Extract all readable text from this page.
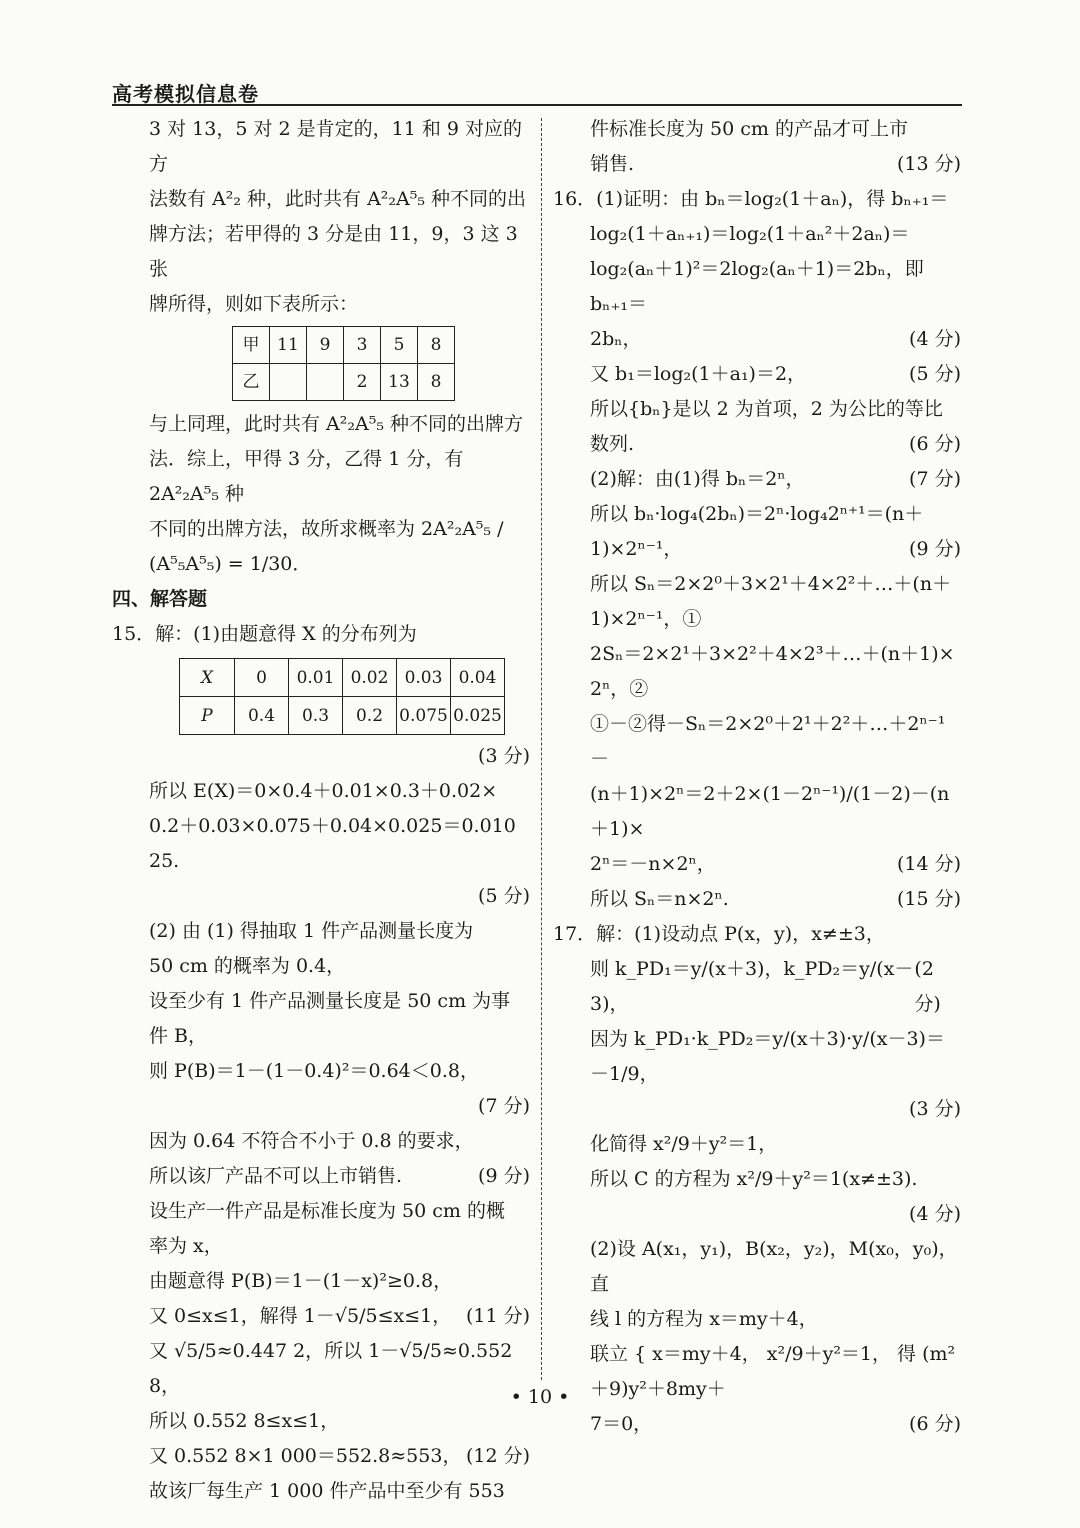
高考模拟信息卷

3 对 13，5 对 2 是肯定的，11 和 9 对应的方

法数有 A²₂ 种，此时共有 A²₂A⁵₅ 种不同的出

牌方法；若甲得的 3 分是由 11，9，3 这 3 张

牌所得，则如下表所示：

甲	11	9	3	5	8
乙			2	13	8

与上同理，此时共有 A²₂A⁵₅ 种不同的出牌方

法．综上，甲得 3 分，乙得 1 分，有 2A²₂A⁵₅ 种

不同的出牌方法，故所求概率为 2A²₂A⁵₅ / (A⁵₅A⁵₅) = 1/30．

四、解答题

15．解：(1)由题意得 X 的分布列为

X	0	0.01	0.02	0.03	0.04
P	0.4	0.3	0.2	0.075	0.025

(3 分)

所以 E(X)＝0×0.4＋0.01×0.3＋0.02×

0.2＋0.03×0.075＋0.04×0.025＝0.010 25.

(5 分)

(2) 由 (1) 得抽取 1 件产品测量长度为

50 cm 的概率为 0.4，

设至少有 1 件产品测量长度是 50 cm 为事

件 B，

则 P(B)＝1－(1－0.4)²＝0.64＜0.8，

(7 分)

因为 0.64 不符合不小于 0.8 的要求，

所以该厂产品不可以上市销售.	(9 分)

设生产一件产品是标准长度为 50 cm 的概

率为 x，

由题意得 P(B)＝1－(1－x)²≥0.8，

又 0≤x≤1，解得 1－√5/5≤x≤1， (11 分)

又 √5/5≈0.447 2，所以 1－√5/5≈0.552 8，

所以 0.552 8≤x≤1，

又 0.552 8×1 000＝552.8≈553， (12 分)

故该厂每生产 1 000 件产品中至少有 553

件标准长度为 50 cm 的产品才可上市

销售.	(13 分)

16．(1)证明：由 bₙ＝log₂(1＋aₙ)，得 bₙ₊₁＝

log₂(1＋aₙ₊₁)＝log₂(1＋aₙ²＋2aₙ)＝

log₂(aₙ＋1)²＝2log₂(aₙ＋1)＝2bₙ，即 bₙ₊₁＝

2bₙ，	(4 分)

又 b₁＝log₂(1＋a₁)＝2，	(5 分)

所以{bₙ}是以 2 为首项，2 为公比的等比

数列.	(6 分)

(2)解：由(1)得 bₙ＝2ⁿ，	(7 分)

所以 bₙ·log₄(2bₙ)＝2ⁿ·log₄2ⁿ⁺¹＝(n＋

1)×2ⁿ⁻¹，	(9 分)

所以 Sₙ＝2×2⁰＋3×2¹＋4×2²＋…＋(n＋

1)×2ⁿ⁻¹，①

2Sₙ＝2×2¹＋3×2²＋4×2³＋…＋(n＋1)×

2ⁿ，②

①－②得－Sₙ＝2×2⁰＋2¹＋2²＋…＋2ⁿ⁻¹－

(n＋1)×2ⁿ＝2＋2×(1－2ⁿ⁻¹)/(1－2)－(n＋1)×

2ⁿ＝－n×2ⁿ，	(14 分)

所以 Sₙ＝n×2ⁿ.	(15 分)

17．解：(1)设动点 P(x，y)，x≠±3，

则 k_PD₁＝y/(x＋3)，k_PD₂＝y/(x－3)，
(2 分)

因为 k_PD₁·k_PD₂＝y/(x＋3)·y/(x－3)＝－1/9，

(3 分)

化简得 x²/9＋y²＝1，

所以 C 的方程为 x²/9＋y²＝1(x≠±3).

(4 分)

(2)设 A(x₁，y₁)，B(x₂，y₂)，M(x₀，y₀)，直

线 l 的方程为 x＝my＋4，

联立 { x＝my＋4， x²/9＋y²＝1， 得 (m²＋9)y²＋8my＋

7＝0，	(6 分)

• 10 •
